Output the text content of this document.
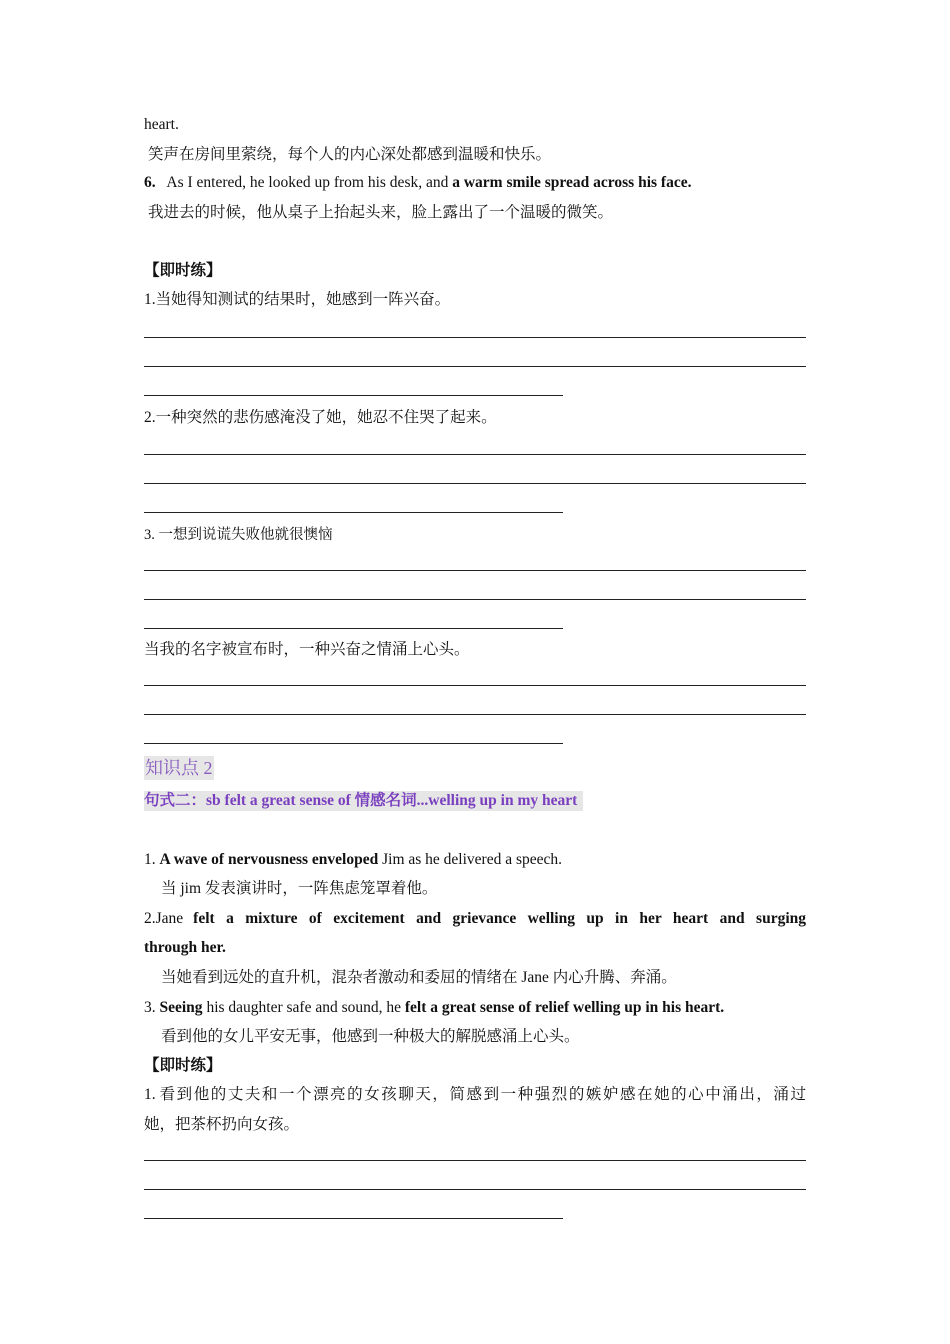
heart.
笑声在房间里萦绕，每个人的内心深处都感到温暖和快乐。
6. As I entered, he looked up from his desk, and a warm smile spread across his face.
我进去的时候，他从桌子上抬起头来，脸上露出了一个温暖的微笑。
【即时练】
1.当她得知测试的结果时，她感到一阵兴奋。
2.一种突然的悲伤感淹没了她，她忍不住哭了起来。
3. 一想到说谎失败他就很懊恼
当我的名字被宣布时，一种兴奋之情涌上心头。
知识点 2
句式二：sb felt a great sense of 情感名词...welling up in my heart
1. A wave of nervousness enveloped Jim as he delivered a speech.
当 jim 发表演讲时，一阵焦虑笼罩着他。
2. Jane felt a mixture of excitement and grievance welling up in her heart and surging
through her.
当她看到远处的直升机，混杂者激动和委屈的情绪在 Jane 内心升腾、奔涌。
3. Seeing his daughter safe and sound, he felt a great sense of relief welling up in his heart.
看到他的女儿平安无事，他感到一种极大的解脱感涌上心头。
【即时练】
1. 看到他的丈夫和一个漂亮的女孩聊天，简感到一种强烈的嫉妒感在她的心中涌出，涌过
她，把茶杯扔向女孩。
